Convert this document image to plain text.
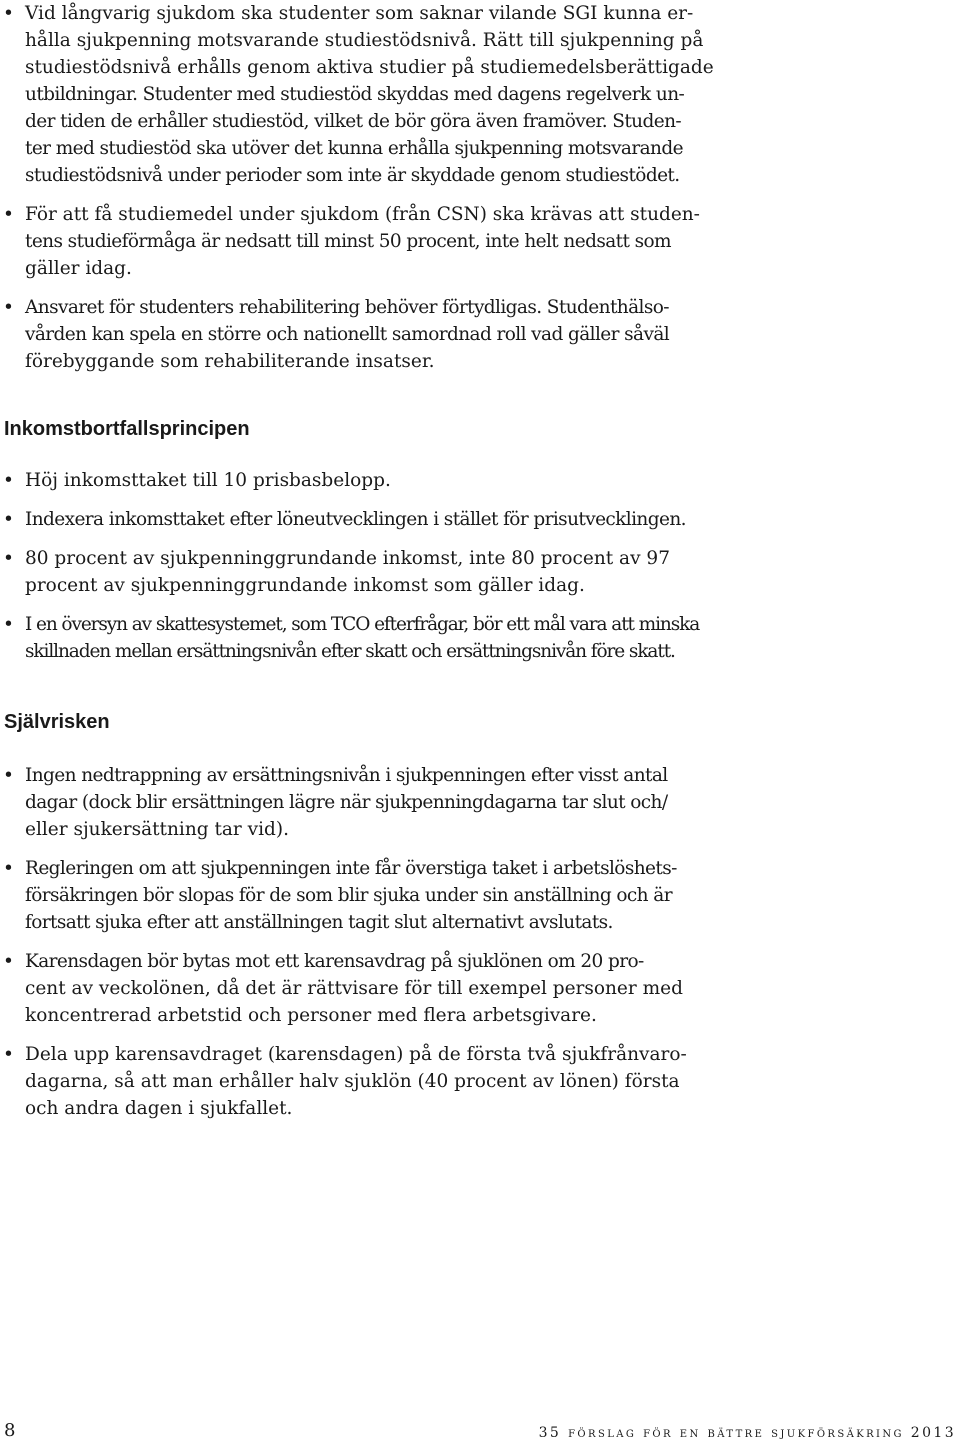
• Vid långvarig sjukdom ska studenter som saknar vilande SGI kunna er-
hålla sjukpenning motsvarande studiestödsnivå. Rätt till sjukpenning på
studiestödsnivå erhålls genom aktiva studier på studiemedelsberättigade
utbildningar. Studenter med studiestöd skyddas med dagens regelverk un-
der tiden de erhåller studiestöd, vilket de bör göra även framöver. Studen-
ter med studiestöd ska utöver det kunna erhålla sjukpenning motsvarande
studiestödsnivå under perioder som inte är skyddade genom studiestödet.
• För att få studiemedel under sjukdom (från CSN) ska krävas att studen-
tens studieförmåga är nedsatt till minst 50 procent, inte helt nedsatt som
gäller idag.
• Ansvaret för studenters rehabilitering behöver förtydligas. Studenthälso-
vården kan spela en större och nationellt samordnad roll vad gäller såväl
förebyggande som rehabiliterande insatser.
Inkomstbortfallsprincipen
• Höj inkomsttaket till 10 prisbasbelopp.
• Indexera inkomsttaket efter löneutvecklingen i stället för prisutvecklingen.
• 80 procent av sjukpenninggrundande inkomst, inte 80 procent av 97
procent av sjukpenninggrundande inkomst som gäller idag.
• I en översyn av skattesystemet, som TCO efterfrågar, bör ett mål vara att minska
skillnaden mellan ersättningsnivån efter skatt och ersättningsnivån före skatt.
Självrisken
• Ingen nedtrappning av ersättningsnivån i sjukpenningen efter visst antal
dagar (dock blir ersättningen lägre när sjukpenningdagarna tar slut och/
eller sjukersättning tar vid).
• Regleringen om att sjukpenningen inte får överstiga taket i arbetslöshets-
försäkringen bör slopas för de som blir sjuka under sin anställning och är
fortsatt sjuka efter att anställningen tagit slut alternativt avslutats.
• Karensdagen bör bytas mot ett karensavdrag på sjuklönen om 20 pro-
cent av veckolönen, då det är rättvisare för till exempel personer med
koncentrerad arbetstid och personer med flera arbetsgivare.
• Dela upp karensavdraget (karensdagen) på de första två sjukfrånvaro-
dagarna, så att man erhåller halv sjuklön (40 procent av lönen) första
och andra dagen i sjukfallet.
8	35 förslag för en bättre sjukförsäkring 2013
